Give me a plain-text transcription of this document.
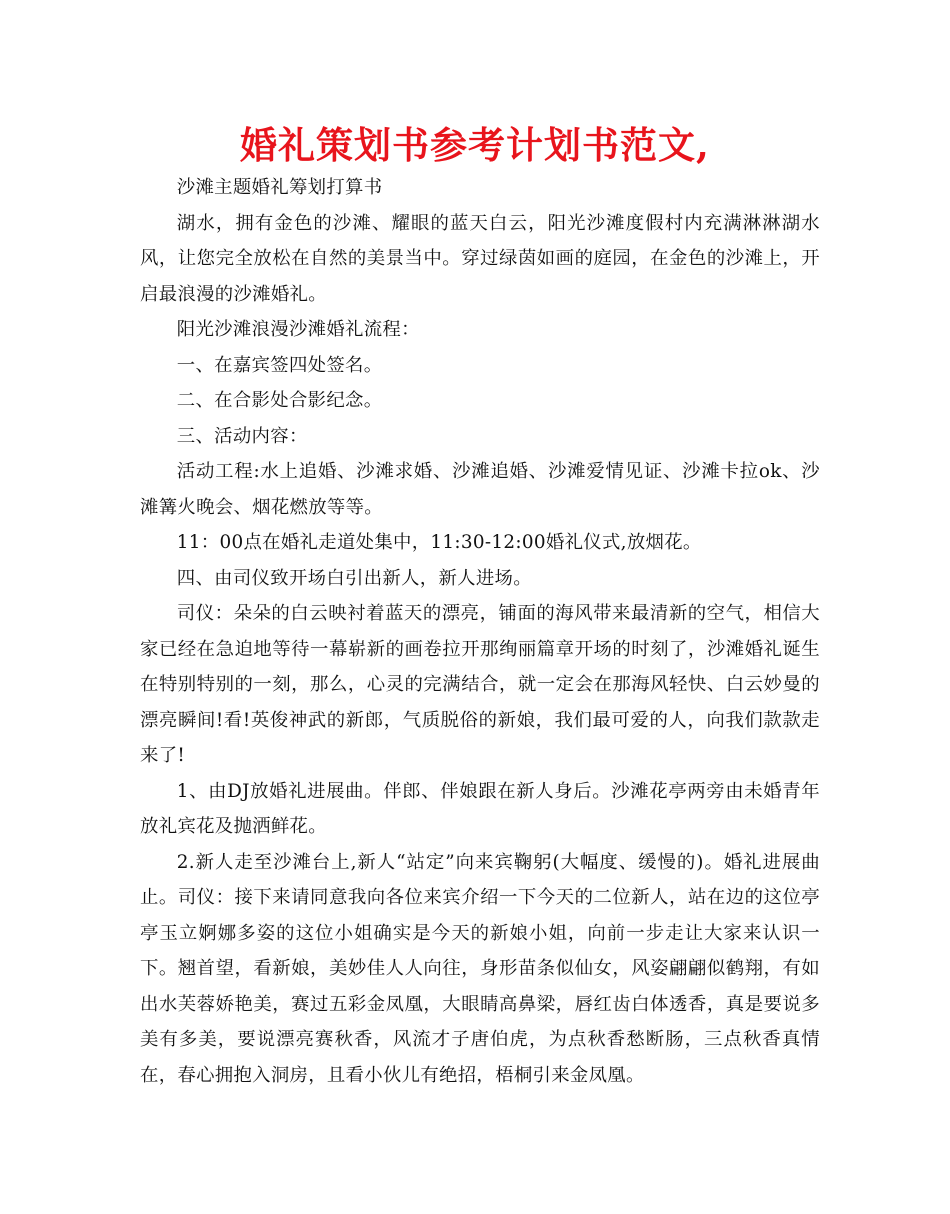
婚礼策划书参考计划书范文,

沙滩主题婚礼筹划打算书

湖水，拥有金色的沙滩、耀眼的蓝天白云，阳光沙滩度假村内充满淋淋湖水风，让您完全放松在自然的美景当中。穿过绿茵如画的庭园，在金色的沙滩上，开启最浪漫的沙滩婚礼。

阳光沙滩浪漫沙滩婚礼流程：

一、在嘉宾签四处签名。

二、在合影处合影纪念。

三、活动内容：

活动工程:水上追婚、沙滩求婚、沙滩追婚、沙滩爱情见证、沙滩卡拉ok、沙滩篝火晚会、烟花燃放等等。

11：00点在婚礼走道处集中，11:30-12:00婚礼仪式,放烟花。

四、由司仪致开场白引出新人，新人进场。

司仪：朵朵的白云映衬着蓝天的漂亮，铺面的海风带来最清新的空气，相信大家已经在急迫地等待一幕崭新的画卷拉开那绚丽篇章开场的时刻了，沙滩婚礼诞生在特别特别的一刻，那么，心灵的完满结合，就一定会在那海风轻快、白云妙曼的漂亮瞬间!看!英俊神武的新郎，气质脱俗的新娘，我们最可爱的人，向我们款款走来了!

1、由DJ放婚礼进展曲。伴郎、伴娘跟在新人身后。沙滩花亭两旁由未婚青年放礼宾花及抛洒鲜花。

2.新人走至沙滩台上,新人“站定”向来宾鞠躬(大幅度、缓慢的)。婚礼进展曲止。司仪：接下来请同意我向各位来宾介绍一下今天的二位新人，站在边的这位亭亭玉立婀娜多姿的这位小姐确实是今天的新娘小姐，向前一步走让大家来认识一下。翘首望，看新娘，美妙佳人人向往，身形苗条似仙女，风姿翩翩似鹤翔，有如出水芙蓉娇艳美，赛过五彩金凤凰，大眼睛高鼻梁，唇红齿白体透香，真是要说多美有多美，要说漂亮赛秋香，风流才子唐伯虎，为点秋香愁断肠，三点秋香真情在，春心拥抱入洞房，且看小伙儿有绝招，梧桐引来金凤凰。
